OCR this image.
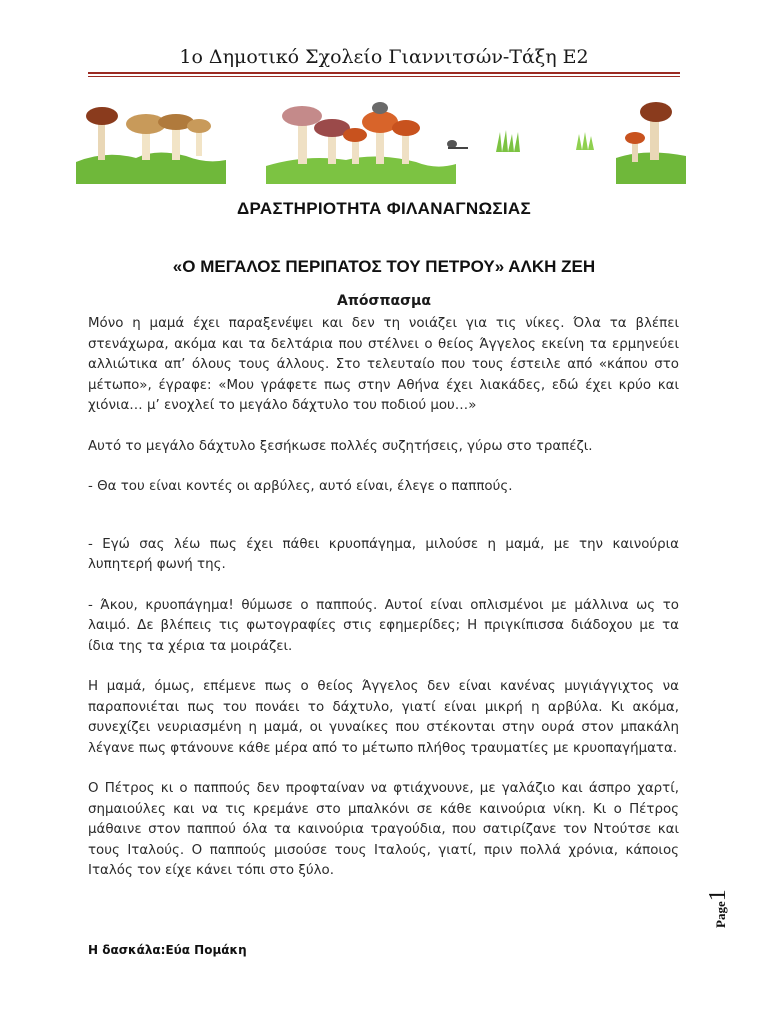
1ο Δημοτικό Σχολείο Γιαννιτσών-Τάξη Ε2
ΔΡΑΣΤΗΡΙΟΤΗΤΑ ΦΙΛΑΝΑΓΝΩΣΙΑΣ
«Ο ΜΕΓΑΛΟΣ ΠΕΡΙΠΑΤΟΣ ΤΟΥ ΠΕΤΡΟΥ» ΑΛΚΗ ΖΕΗ
Απόσπασμα

Μόνο η μαμά έχει παραξενέψει και δεν τη νοιάζει για τις νίκες. Όλα τα βλέπει στενάχωρα, ακόμα και τα δελτάρια που στέλνει ο θείος Άγγελος εκείνη τα ερμηνεύει αλλιώτικα απ’ όλους τους άλλους. Στο τελευταίο που τους έστειλε από «κάπου στο μέτωπο», έγραφε: «Μου γράφετε πως στην Αθήνα έχει λιακάδες, εδώ έχει κρύο και χιόνια… μ’ ενοχλεί το μεγάλο δάχτυλο του ποδιού μου…»

Αυτό το μεγάλο δάχτυλο ξεσήκωσε πολλές συζητήσεις, γύρω στο τραπέζι.

- Θα του είναι κοντές οι αρβύλες, αυτό είναι, έλεγε ο παππούς.

- Εγώ σας λέω πως έχει πάθει κρυοπάγημα, μιλούσε η μαμά, με την καινούρια λυπητερή φωνή της.

- Άκου, κρυοπάγημα! θύμωσε ο παππούς. Αυτοί είναι οπλισμένοι με μάλλινα ως το λαιμό. Δε βλέπεις τις φωτογραφίες στις εφημερίδες; Η πριγκίπισσα διάδοχου με τα ίδια της τα χέρια τα μοιράζει.

Η μαμά, όμως, επέμενε πως ο θείος Άγγελος δεν είναι κανένας μυγιάγγιχτος να παραπονιέται πως του πονάει το δάχτυλο, γιατί είναι μικρή η αρβύλα. Κι ακόμα, συνεχίζει νευριασμένη η μαμά, οι γυναίκες που στέκονται στην ουρά στον μπακάλη λέγανε πως φτάνουνε κάθε μέρα από το μέτωπο πλήθος τραυματίες με κρυοπαγήματα.

Ο Πέτρος κι ο παππούς δεν προφταίναν να φτιάχνουνε, με γαλάζιο και άσπρο χαρτί, σημαιούλες και να τις κρεμάνε στο μπαλκόνι σε κάθε καινούρια νίκη. Κι ο Πέτρος μάθαινε στον παππού όλα τα καινούρια τραγούδια, που σατιρίζανε τον Ντούτσε και τους Ιταλούς. Ο παππούς μισούσε τους Ιταλούς, γιατί, πριν πολλά χρόνια, κάποιος Ιταλός τον είχε κάνει τόπι στο ξύλο.

Page1
Η δασκάλα:Εύα Πομάκη
